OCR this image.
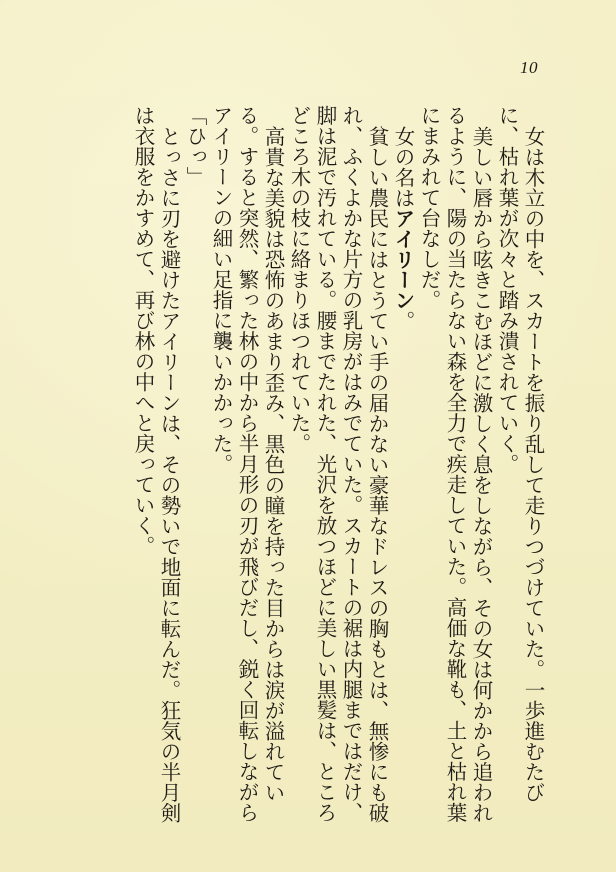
10

女は木立の中を、スカートを振り乱して走りつづけていた。一歩進むたびに、枯れ葉が次々と踏み潰されていく。

美しい唇から呟きこむほどに激しく息をしながら、その女は何かから追われるように、陽の当たらない森を全力で疾走していた。高価な靴も、土と枯れ葉にまみれて台なしだ。

女の名はアイリーン。

貧しい農民にはとうてい手の届かない豪華なドレスの胸もとは、無惨にも破れ、ふくよかな片方の乳房がはみでていた。スカートの裾は内腿まではだけ、脚は泥で汚れている。腰までたれた、光沢を放つほどに美しい黒髪は、ところどころ木の枝に絡まりほつれていた。

高貴な美貌は恐怖のあまり歪み、黒色の瞳を持った目からは涙が溢れている。すると突然、繁った林の中から半月形の刃が飛びだし、鋭く回転しながらアイリーンの細い足指に襲いかかった。

「ひっ」

とっさに刃を避けたアイリーンは、その勢いで地面に転んだ。狂気の半月剣は衣服をかすめて、再び林の中へと戻っていく。
